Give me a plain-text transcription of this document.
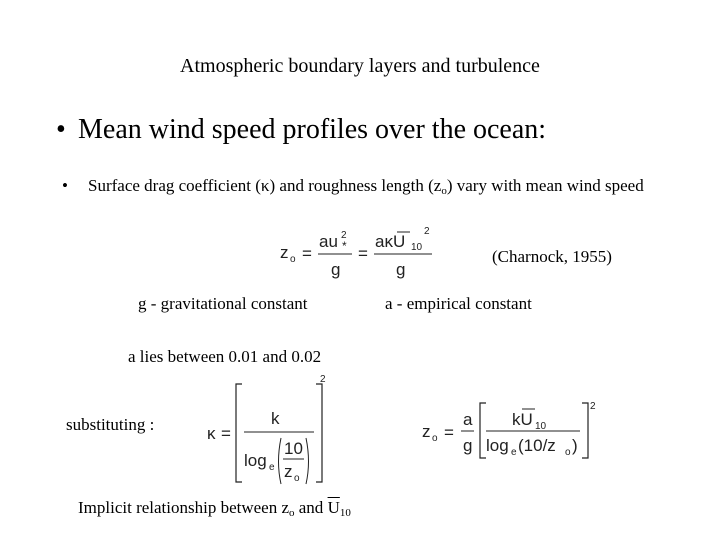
Atmospheric boundary layers and turbulence
• Mean wind speed profiles over the ocean:
•	Surface drag coefficient (κ) and roughness length $(z_o)$ vary with mean wind speed
z o =
au 2
*
g
=
aκU 10
2
g
(Charnock, 1955)
g - gravitational constant	a - empirical constant
a lies between 0.01 and 0.02
substituting :	κ =
2
k
log e
10
z o
z o =
a
g
2
kU 10
log e (10/z o )
Implicit relationship between $z_o$ and $\overline{U}_{10}$
